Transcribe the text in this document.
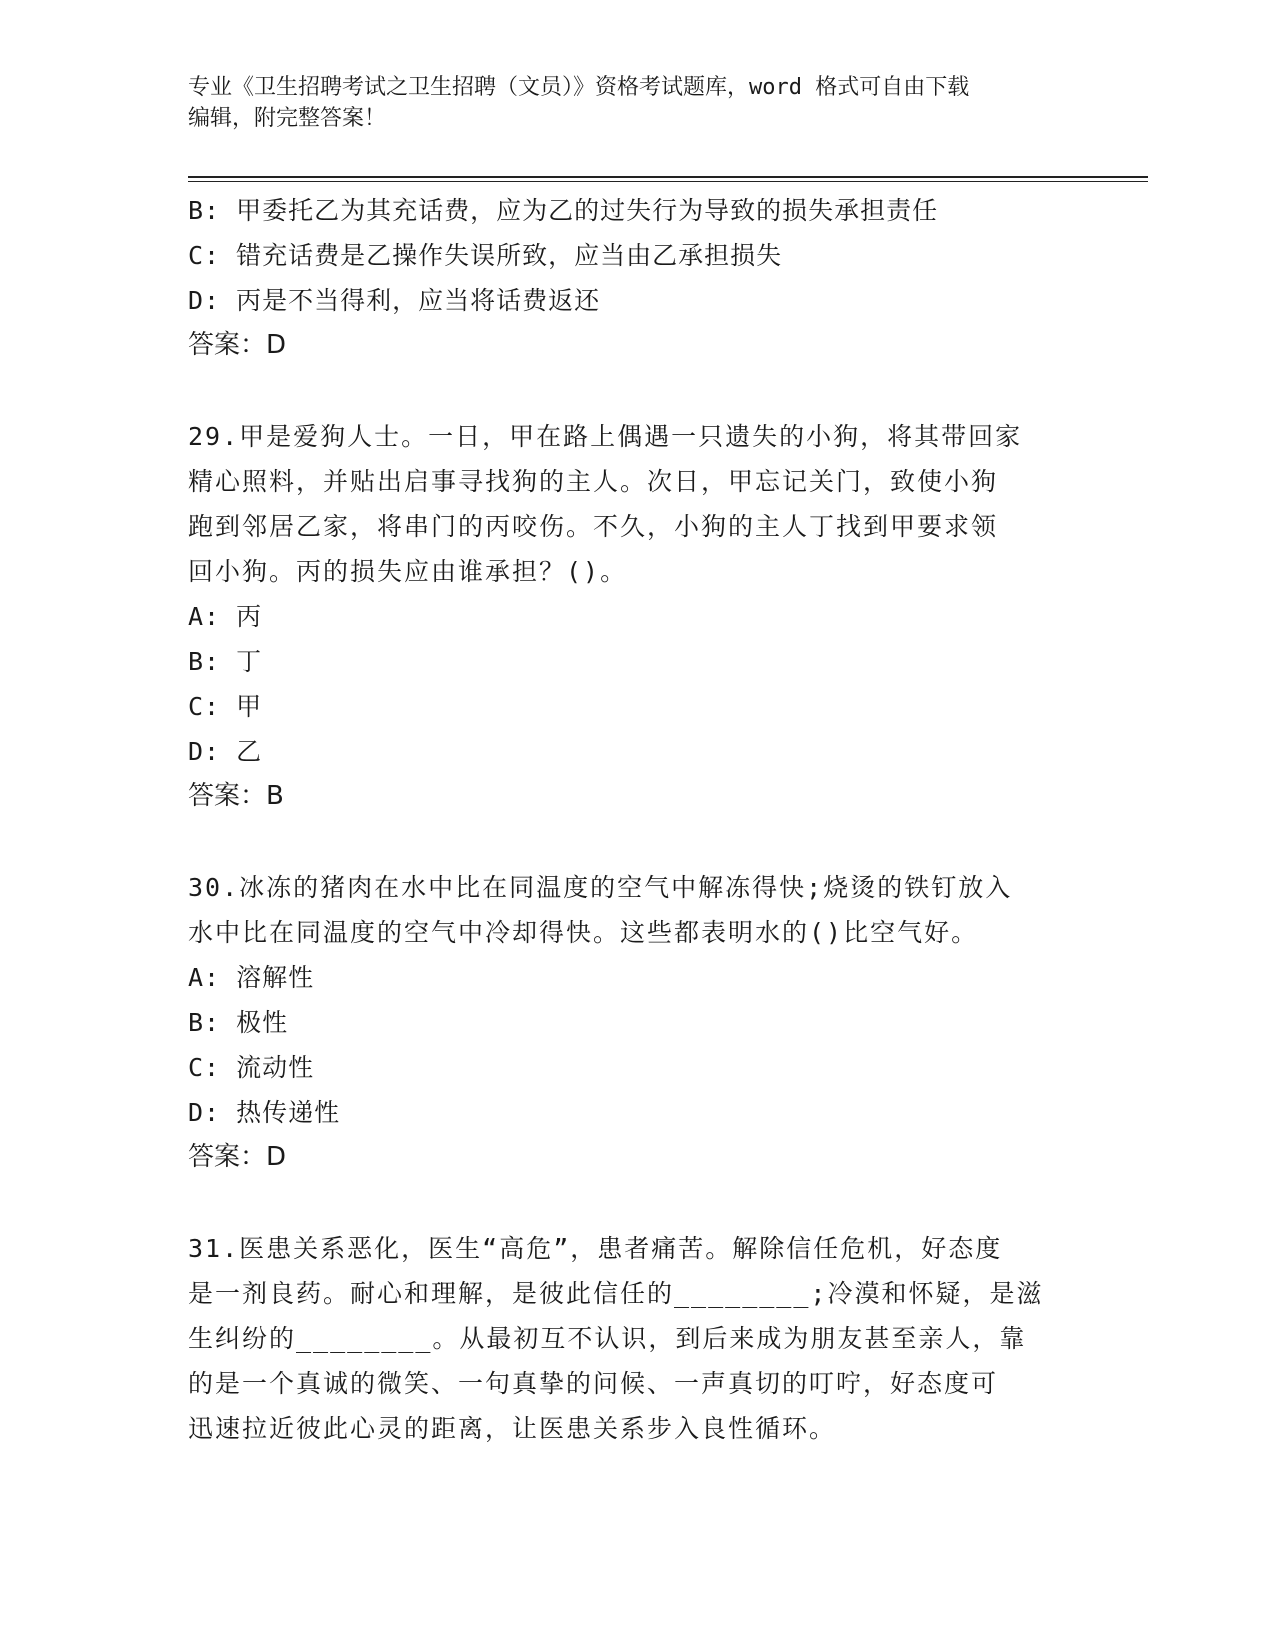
专业《卫生招聘考试之卫生招聘（文员）》资格考试题库，word 格式可自由下载
编辑，附完整答案！
B: 甲委托乙为其充话费，应为乙的过失行为导致的损失承担责任
C: 错充话费是乙操作失误所致，应当由乙承担损失
D: 丙是不当得利，应当将话费返还
答案：D
29.甲是爱狗人士。一日，甲在路上偶遇一只遗失的小狗，将其带回家
精心照料，并贴出启事寻找狗的主人。次日，甲忘记关门，致使小狗
跑到邻居乙家，将串门的丙咬伤。不久，小狗的主人丁找到甲要求领
回小狗。丙的损失应由谁承担？()。
A: 丙
B: 丁
C: 甲
D: 乙
答案：B
30.冰冻的猪肉在水中比在同温度的空气中解冻得快;烧烫的铁钉放入
水中比在同温度的空气中冷却得快。这些都表明水的()比空气好。
A: 溶解性
B: 极性
C: 流动性
D: 热传递性
答案：D
31.医患关系恶化，医生“高危”，患者痛苦。解除信任危机，好态度
是一剂良药。耐心和理解，是彼此信任的________;冷漠和怀疑，是滋
生纠纷的________。从最初互不认识，到后来成为朋友甚至亲人，靠
的是一个真诚的微笑、一句真挚的问候、一声真切的叮咛，好态度可
迅速拉近彼此心灵的距离，让医患关系步入良性循环。
